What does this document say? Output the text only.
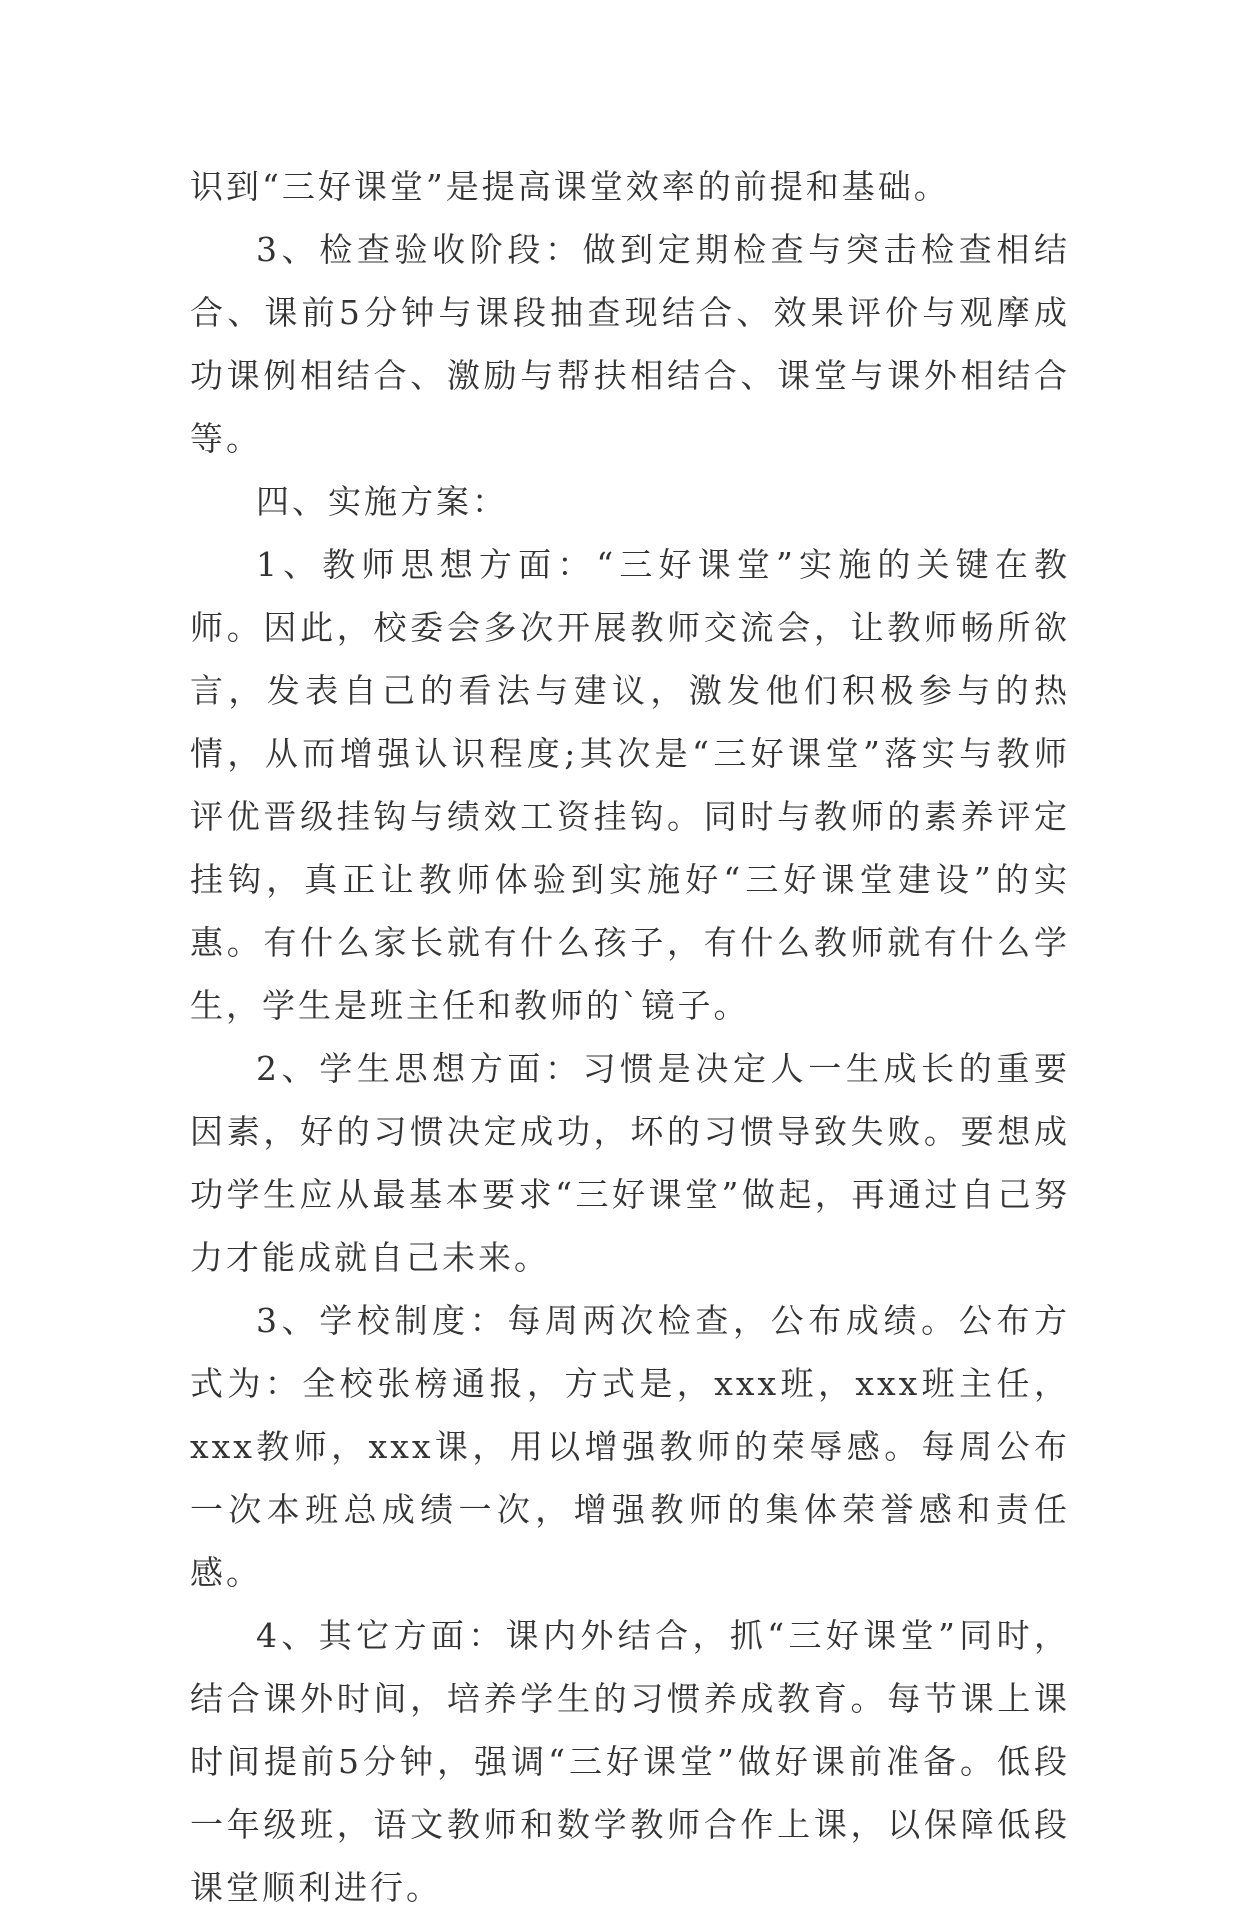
识到“三好课堂”是提高课堂效率的前提和基础。

3、检查验收阶段：做到定期检查与突击检查相结合、课前5分钟与课段抽查现结合、效果评价与观摩成功课例相结合、激励与帮扶相结合、课堂与课外相结合等。

四、实施方案：

1、教师思想方面：“三好课堂”实施的关键在教师。因此，校委会多次开展教师交流会，让教师畅所欲言，发表自己的看法与建议，激发他们积极参与的热情，从而增强认识程度;其次是“三好课堂”落实与教师评优晋级挂钩与绩效工资挂钩。同时与教师的素养评定挂钩，真正让教师体验到实施好“三好课堂建设”的实惠。有什么家长就有什么孩子，有什么教师就有什么学生，学生是班主任和教师的`镜子。

2、学生思想方面：习惯是决定人一生成长的重要因素，好的习惯决定成功，坏的习惯导致失败。要想成功学生应从最基本要求“三好课堂”做起，再通过自己努力才能成就自己未来。

3、学校制度：每周两次检查，公布成绩。公布方式为：全校张榜通报，方式是，xxx班，xxx班主任，xxx教师，xxx课，用以增强教师的荣辱感。每周公布一次本班总成绩一次，增强教师的集体荣誉感和责任感。

4、其它方面：课内外结合，抓“三好课堂”同时，结合课外时间，培养学生的习惯养成教育。每节课上课时间提前5分钟，强调“三好课堂”做好课前准备。低段一年级班，语文教师和数学教师合作上课，以保障低段课堂顺利进行。
